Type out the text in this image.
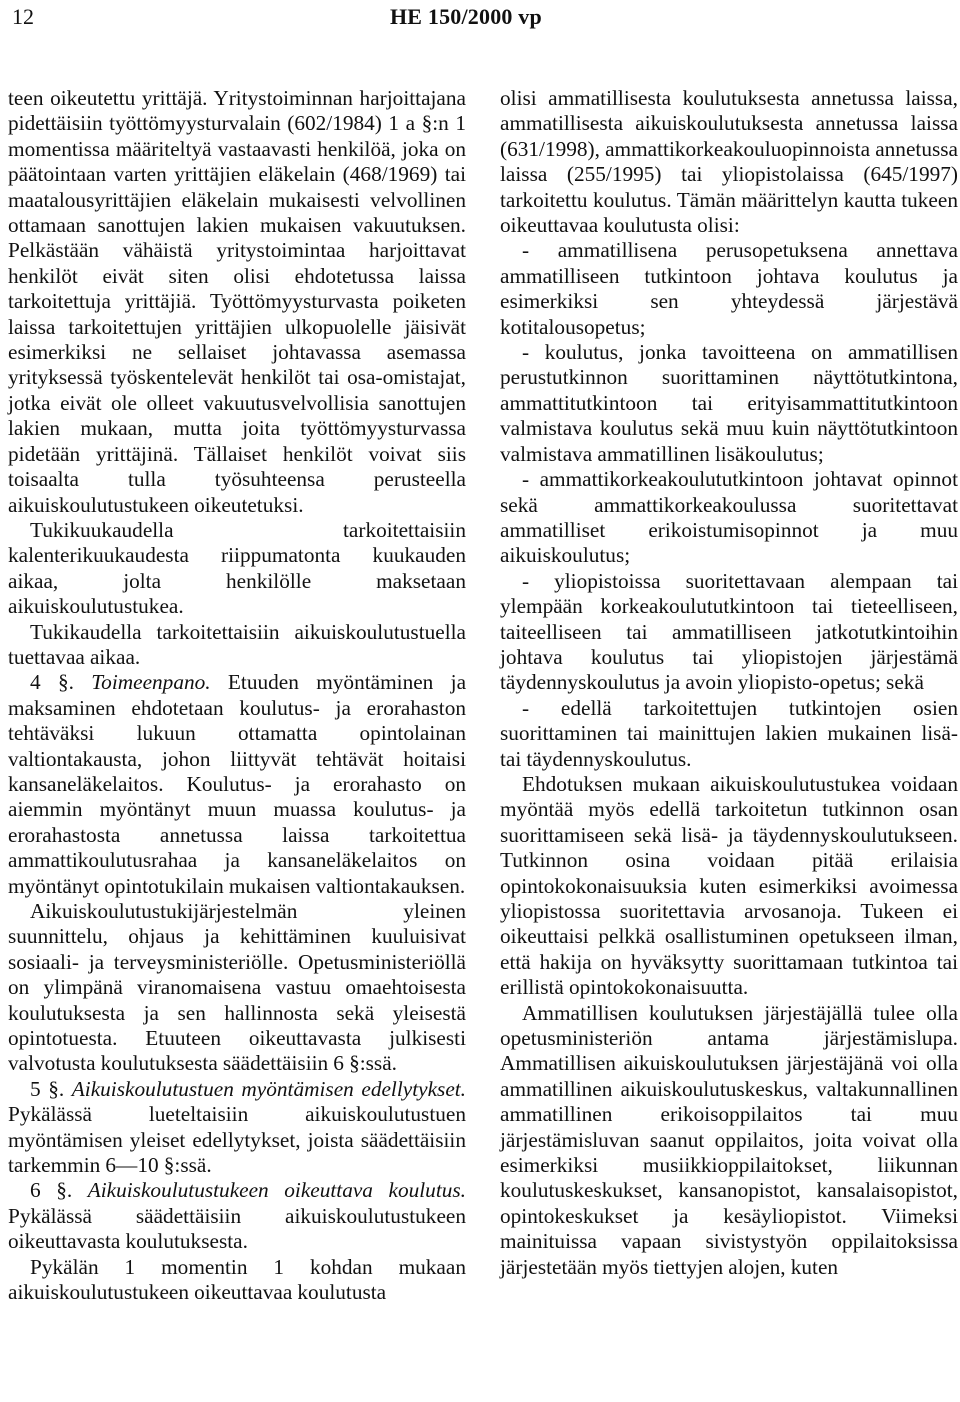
12	HE 150/2000 vp

teen oikeutettu yrittäjä. Yritystoiminnan harjoittajana pidettäisiin työttömyysturvalain (602/1984) 1 a §:n 1 momentissa määriteltyä vastaavasti henkilöä, joka on päätointaan varten yrittäjien eläkelain (468/1969) tai maatalousyrittäjien eläkelain mukaisesti velvollinen ottamaan sanottujen lakien mukaisen vakuutuksen. Pelkästään vähäistä yritystoimintaa harjoittavat henkilöt eivät siten olisi ehdotetussa laissa tarkoitettuja yrittäjiä. Työttömyysturvasta poiketen laissa tarkoitettujen yrittäjien ulkopuolelle jäisivät esimerkiksi ne sellaiset johtavassa asemassa yrityksessä työskentelevät henkilöt tai osa-omistajat, jotka eivät ole olleet vakuutusvelvollisia sanottujen lakien mukaan, mutta joita työttömyysturvassa pidetään yrittäjinä. Tällaiset henkilöt voivat siis toisaalta tulla työsuhteensa perusteella aikuiskoulutustukeen oikeutetuksi.

Tukikuukaudella tarkoitettaisiin kalenterikuukaudesta riippumatonta kuukauden aikaa, jolta henkilölle maksetaan aikuiskoulutustukea.

Tukikaudella tarkoitettaisiin aikuiskoulutustuella tuettavaa aikaa.

4 §. Toimeenpano. Etuuden myöntäminen ja maksaminen ehdotetaan koulutus- ja erorahaston tehtäväksi lukuun ottamatta opintolainan valtiontakausta, johon liittyvät tehtävät hoitaisi kansaneläkelaitos. Koulutus- ja erorahasto on aiemmin myöntänyt muun muassa koulutus- ja erorahastosta annetussa laissa tarkoitettua ammattikoulutusrahaa ja kansaneläkelaitos on myöntänyt opintotukilain mukaisen valtiontakauksen.

Aikuiskoulutustukijärjestelmän yleinen suunnittelu, ohjaus ja kehittäminen kuuluisivat sosiaali- ja terveysministeriölle. Opetusministeriöllä on ylimpänä viranomaisena vastuu omaehtoisesta koulutuksesta ja sen hallinnosta sekä yleisestä opintotuesta. Etuuteen oikeuttavasta julkisesti valvotusta koulutuksesta säädettäisiin 6 §:ssä.

5 §. Aikuiskoulutustuen myöntämisen edellytykset. Pykälässä lueteltaisiin aikuiskoulutustuen myöntämisen yleiset edellytykset, joista säädettäisiin tarkemmin 6—10 §:ssä.

6 §. Aikuiskoulutustukeen oikeuttava koulutus. Pykälässä säädettäisiin aikuiskoulutustukeen oikeuttavasta koulutuksesta.

Pykälän 1 momentin 1 kohdan mukaan aikuiskoulutustukeen oikeuttavaa koulutusta

olisi ammatillisesta koulutuksesta annetussa laissa, ammatillisesta aikuiskoulutuksesta annetussa laissa (631/1998), ammattikorkeakouluopinnoista annetussa laissa (255/1995) tai yliopistolaissa (645/1997) tarkoitettu koulutus. Tämän määrittelyn kautta tukeen oikeuttavaa koulutusta olisi:

- ammatillisena perusopetuksena annettava ammatilliseen tutkintoon johtava koulutus ja esimerkiksi sen yhteydessä järjestävä kotitalousopetus;

- koulutus, jonka tavoitteena on ammatillisen perustutkinnon suorittaminen näyttötutkintona, ammattitutkintoon tai erityisammattitutkintoon valmistava koulutus sekä muu kuin näyttötutkintoon valmistava ammatillinen lisäkoulutus;

- ammattikorkeakoulututkintoon johtavat opinnot sekä ammattikorkeakoulussa suoritettavat ammatilliset erikoistumisopinnot ja muu aikuiskoulutus;

- yliopistoissa suoritettavaan alempaan tai ylempään korkeakoulututkintoon tai tieteelliseen, taiteelliseen tai ammatilliseen jatkotutkintoihin johtava koulutus tai yliopistojen järjestämä täydennyskoulutus ja avoin yliopisto-opetus; sekä

- edellä tarkoitettujen tutkintojen osien suorittaminen tai mainittujen lakien mukainen lisä- tai täydennyskoulutus.

Ehdotuksen mukaan aikuiskoulutustukea voidaan myöntää myös edellä tarkoitetun tutkinnon osan suorittamiseen sekä lisä- ja täydennyskoulutukseen. Tutkinnon osina voidaan pitää erilaisia opintokokonaisuuksia kuten esimerkiksi avoimessa yliopistossa suoritettavia arvosanoja. Tukeen ei oikeuttaisi pelkkä osallistuminen opetukseen ilman, että hakija on hyväksytty suorittamaan tutkintoa tai erillistä opintokokonaisuutta.

Ammatillisen koulutuksen järjestäjällä tulee olla opetusministeriön antama järjestämislupa. Ammatillisen aikuiskoulutuksen järjestäjänä voi olla ammatillinen aikuiskoulutuskeskus, valtakunnallinen ammatillinen erikoisoppilaitos tai muu järjestämisluvan saanut oppilaitos, joita voivat olla esimerkiksi musiikkioppilaitokset, liikunnan koulutuskeskukset, kansanopistot, kansalaisopistot, opintokeskukset ja kesäyliopistot. Viimeksi mainituissa vapaan sivistystyön oppilaitoksissa järjestetään myös tiettyjen alojen, kuten
